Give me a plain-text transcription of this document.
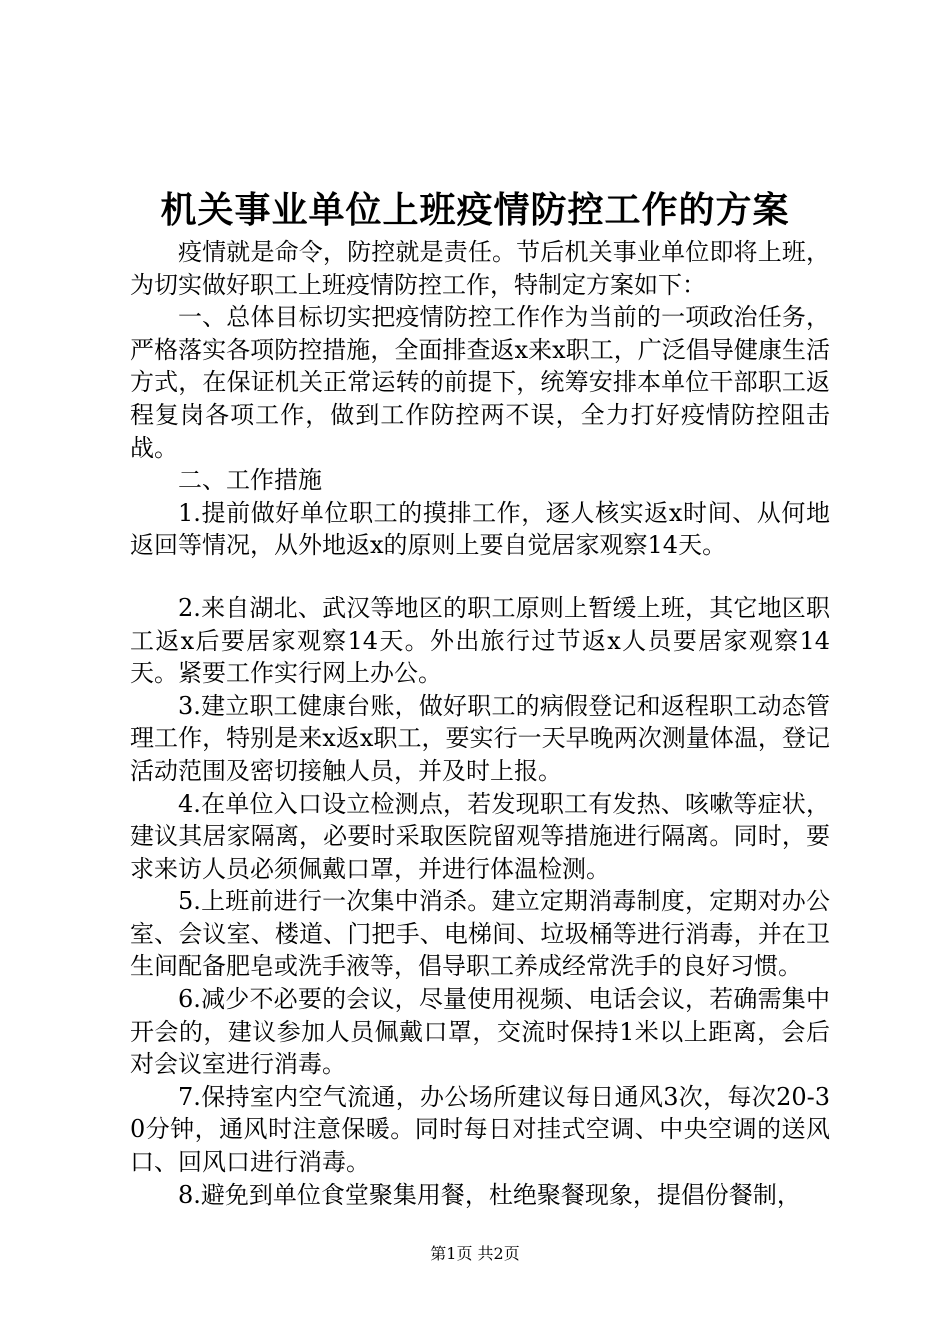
机关事业单位上班疫情防控工作的方案

疫情就是命令，防控就是责任。节后机关事业单位即将上班，为切实做好职工上班疫情防控工作，特制定方案如下：

一、总体目标切实把疫情防控工作作为当前的一项政治任务，严格落实各项防控措施，全面排查返x来x职工，广泛倡导健康生活方式，在保证机关正常运转的前提下，统筹安排本单位干部职工返程复岗各项工作，做到工作防控两不误，全力打好疫情防控阻击战。

二、工作措施

1.提前做好单位职工的摸排工作，逐人核实返x时间、从何地返回等情况，从外地返x的原则上要自觉居家观察14天。

2.来自湖北、武汉等地区的职工原则上暂缓上班，其它地区职工返x后要居家观察14天。外出旅行过节返x人员要居家观察14天。紧要工作实行网上办公。

3.建立职工健康台账，做好职工的病假登记和返程职工动态管理工作，特别是来x返x职工，要实行一天早晚两次测量体温，登记活动范围及密切接触人员，并及时上报。

4.在单位入口设立检测点，若发现职工有发热、咳嗽等症状，建议其居家隔离，必要时采取医院留观等措施进行隔离。同时，要求来访人员必须佩戴口罩，并进行体温检测。

5.上班前进行一次集中消杀。建立定期消毒制度，定期对办公室、会议室、楼道、门把手、电梯间、垃圾桶等进行消毒，并在卫生间配备肥皂或洗手液等，倡导职工养成经常洗手的良好习惯。

6.减少不必要的会议，尽量使用视频、电话会议，若确需集中开会的，建议参加人员佩戴口罩，交流时保持1米以上距离，会后对会议室进行消毒。

7.保持室内空气流通，办公场所建议每日通风3次，每次20-30分钟，通风时注意保暖。同时每日对挂式空调、中央空调的送风口、回风口进行消毒。

8.避免到单位食堂聚集用餐，杜绝聚餐现象，提倡份餐制，

第1页 共2页
